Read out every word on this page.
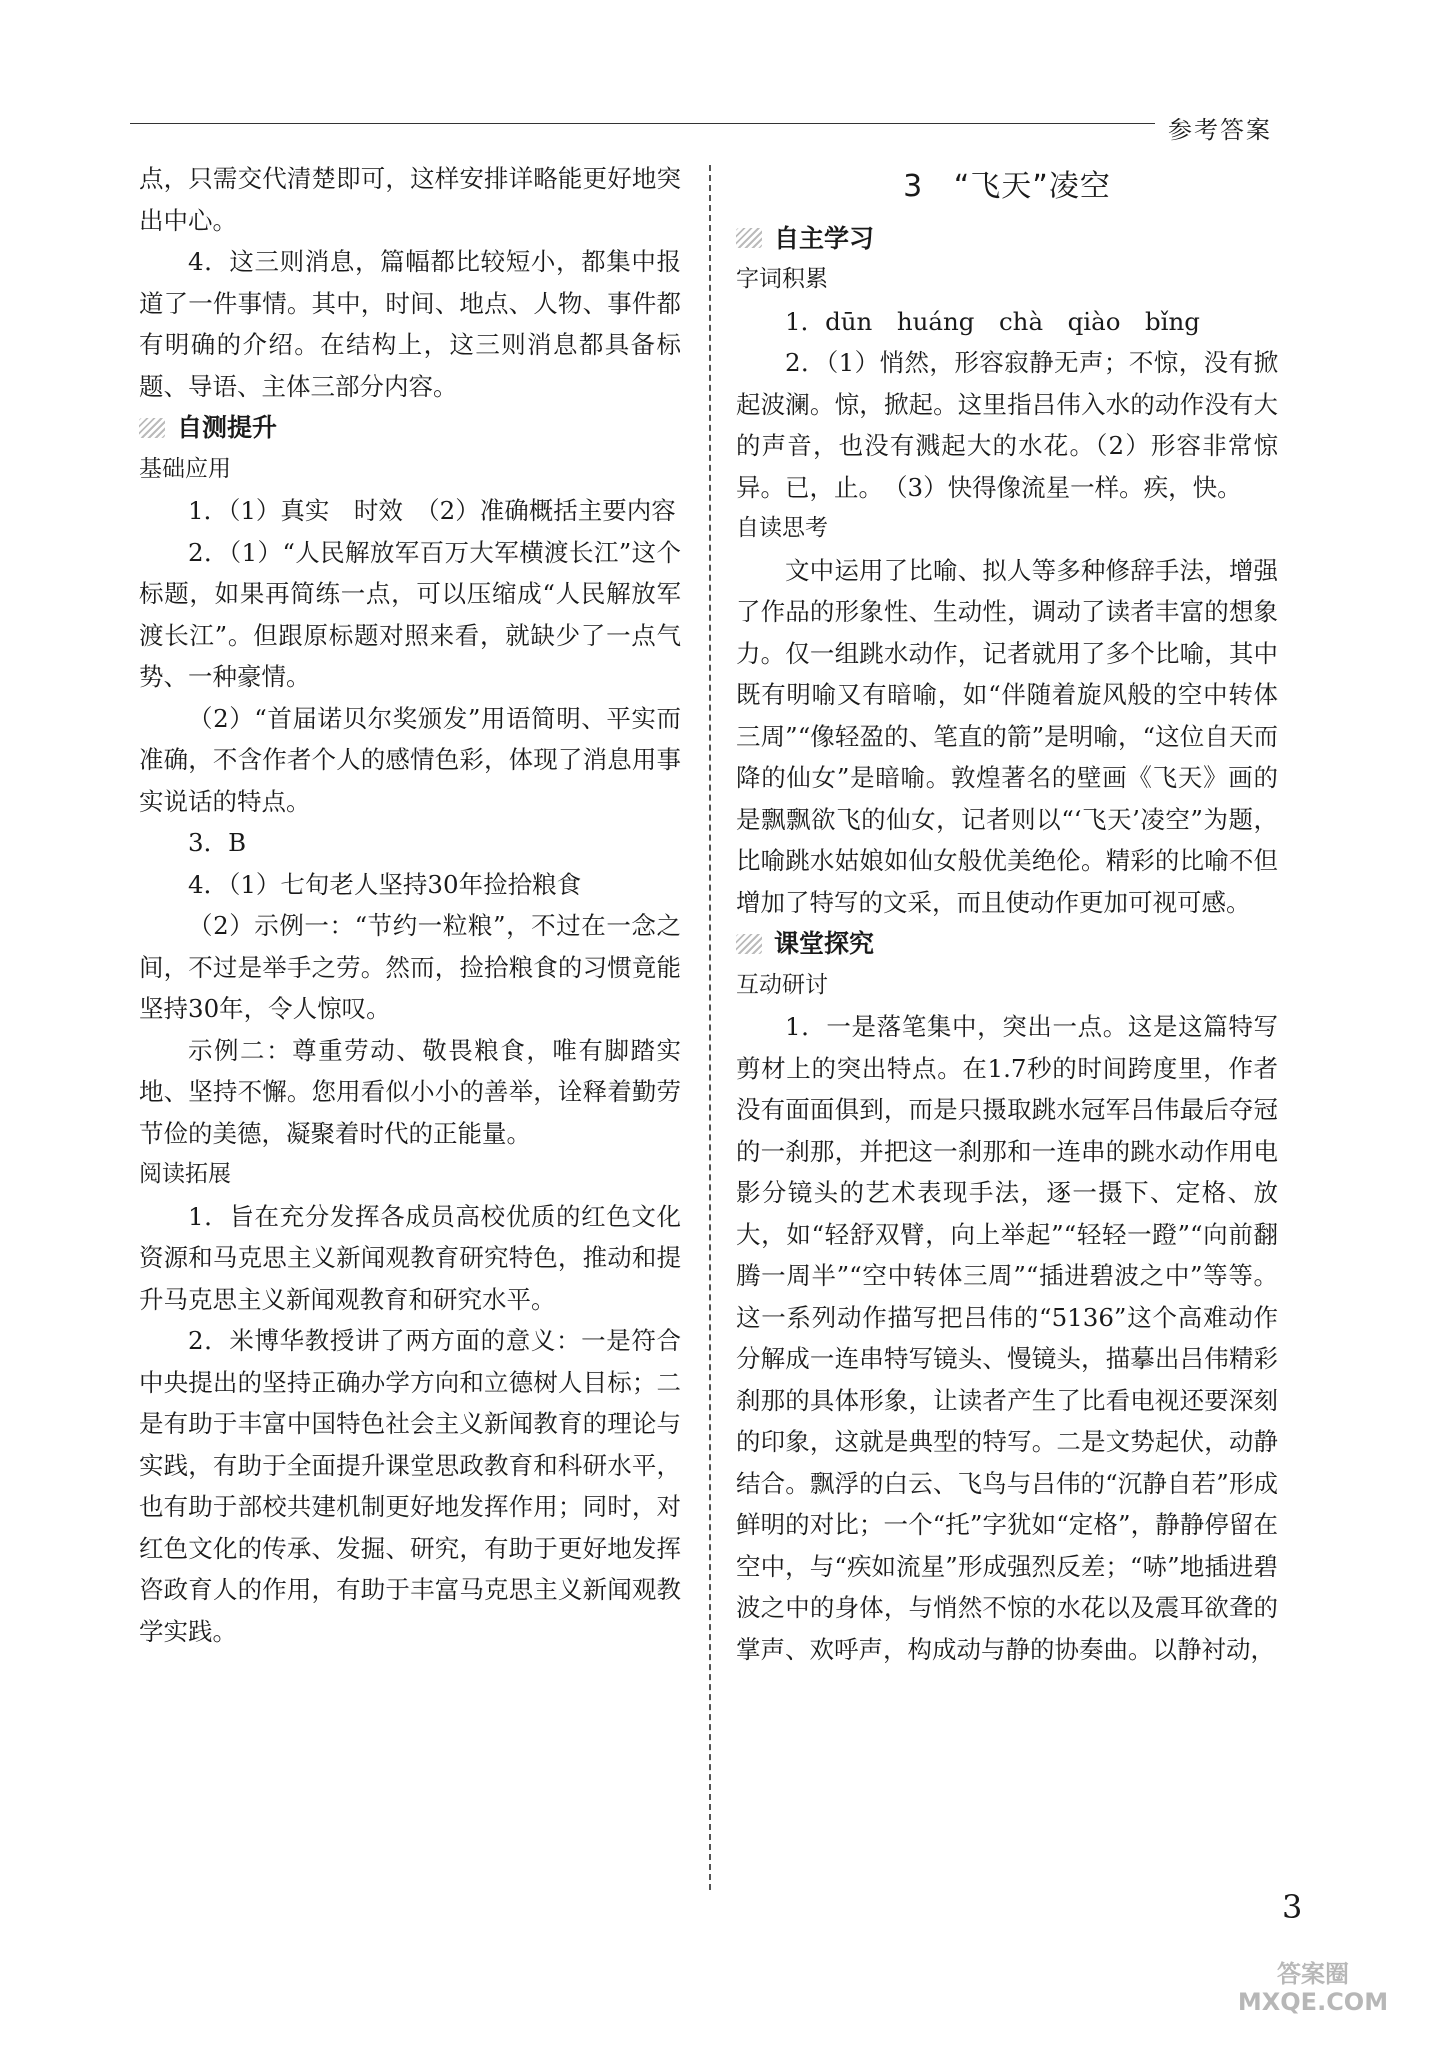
参考答案

点，只需交代清楚即可，这样安排详略能更好地突出中心。

4．这三则消息，篇幅都比较短小，都集中报道了一件事情。其中，时间、地点、人物、事件都有明确的介绍。在结构上，这三则消息都具备标题、导语、主体三部分内容。

自测提升

基础应用

1．（1）真实　时效　（2）准确概括主要内容

2．（1）“人民解放军百万大军横渡长江”这个标题，如果再简练一点，可以压缩成“人民解放军渡长江”。但跟原标题对照来看，就缺少了一点气势、一种豪情。

（2）“首届诺贝尔奖颁发”用语简明、平实而准确，不含作者个人的感情色彩，体现了消息用事实说话的特点。

3．B

4．（1）七旬老人坚持30年捡拾粮食

（2）示例一：“节约一粒粮”，不过在一念之间，不过是举手之劳。然而，捡拾粮食的习惯竟能坚持30年，令人惊叹。

示例二：尊重劳动、敬畏粮食，唯有脚踏实地、坚持不懈。您用看似小小的善举，诠释着勤劳节俭的美德，凝聚着时代的正能量。

阅读拓展

1．旨在充分发挥各成员高校优质的红色文化资源和马克思主义新闻观教育研究特色，推动和提升马克思主义新闻观教育和研究水平。

2．米博华教授讲了两方面的意义：一是符合中央提出的坚持正确办学方向和立德树人目标；二是有助于丰富中国特色社会主义新闻教育的理论与实践，有助于全面提升课堂思政教育和科研水平，也有助于部校共建机制更好地发挥作用；同时，对红色文化的传承、发掘、研究，有助于更好地发挥咨政育人的作用，有助于丰富马克思主义新闻观教学实践。

3 “飞天”凌空
自主学习

字词积累

1．dūn　huáng　chà　qiào　bǐng

2．（1）悄然，形容寂静无声；不惊，没有掀起波澜。惊，掀起。这里指吕伟入水的动作没有大的声音，也没有溅起大的水花。（2）形容非常惊异。已，止。　（3）快得像流星一样。疾，快。

自读思考

文中运用了比喻、拟人等多种修辞手法，增强了作品的形象性、生动性，调动了读者丰富的想象力。仅一组跳水动作，记者就用了多个比喻，其中既有明喻又有暗喻，如“伴随着旋风般的空中转体三周”“像轻盈的、笔直的箭”是明喻，“这位自天而降的仙女”是暗喻。敦煌著名的壁画《飞天》画的是飘飘欲飞的仙女，记者则以“‘飞天’凌空”为题，比喻跳水姑娘如仙女般优美绝伦。精彩的比喻不但增加了特写的文采，而且使动作更加可视可感。

课堂探究

互动研讨

1．一是落笔集中，突出一点。这是这篇特写剪材上的突出特点。在1.7秒的时间跨度里，作者没有面面俱到，而是只摄取跳水冠军吕伟最后夺冠的一刹那，并把这一刹那和一连串的跳水动作用电影分镜头的艺术表现手法，逐一摄下、定格、放大，如“轻舒双臂，向上举起”“轻轻一蹬”“向前翻腾一周半”“空中转体三周”“插进碧波之中”等等。这一系列动作描写把吕伟的“5136”这个高难动作分解成一连串特写镜头、慢镜头，描摹出吕伟精彩刹那的具体形象，让读者产生了比看电视还要深刻的印象，这就是典型的特写。二是文势起伏，动静结合。飘浮的白云、飞鸟与吕伟的“沉静自若”形成鲜明的对比；一个“托”字犹如“定格”，静静停留在空中，与“疾如流星”形成强烈反差；“哧”地插进碧波之中的身体，与悄然不惊的水花以及震耳欲聋的掌声、欢呼声，构成动与静的协奏曲。以静衬动，

3
答案圈
MXQE.COM
